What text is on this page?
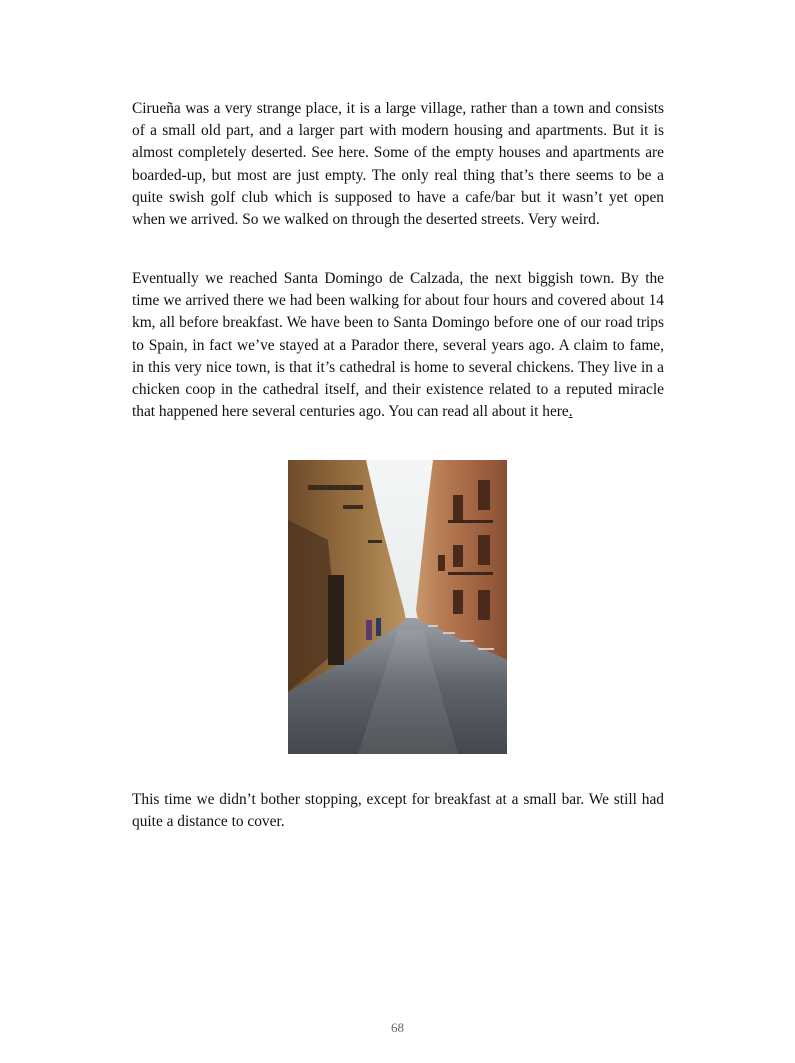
Cirueña was a very strange place, it is a large village, rather than a town and consists of a small old part, and a larger part with modern housing and apartments. But it is almost completely deserted. See here. Some of the empty houses and apartments are boarded-up, but most are just empty. The only real thing that’s there seems to be a quite swish golf club which is supposed to have a cafe/bar but it wasn’t yet open when we arrived. So we walked on through the deserted streets. Very weird.

Eventually we reached Santa Domingo de Calzada, the next biggish town. By the time we arrived there we had been walking for about four hours and covered about 14 km, all before breakfast. We have been to Santa Domingo before one of our road trips to Spain, in fact we’ve stayed at a Parador there, several years ago. A claim to fame, in this very nice town, is that it’s cathedral is home to several chickens. They live in a chicken coop in the cathedral itself, and their existence related to a reputed miracle that happened here several centuries ago. You can read all about it here.

This time we didn’t bother stopping, except for breakfast at a small bar. We still had quite a distance to cover.

68
